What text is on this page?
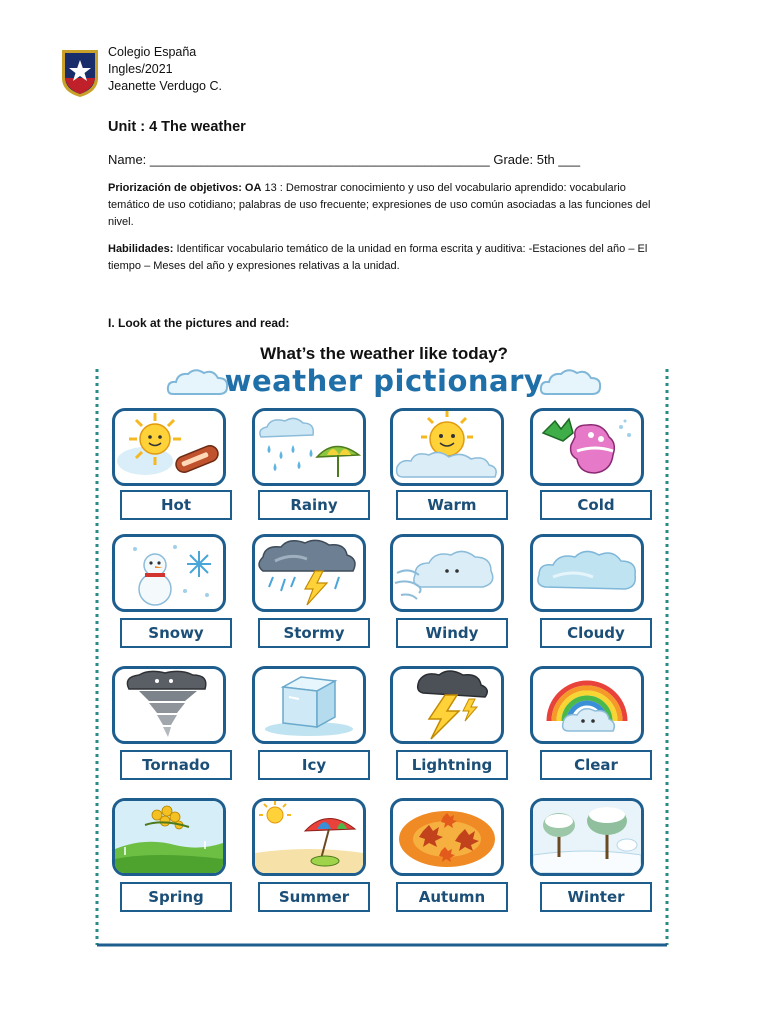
Colegio España
Ingles/2021
Jeanette Verdugo C.
Unit : 4 The weather
Name: _______________________________________________ Grade: 5th ___
Priorización de objetivos: OA 13 : Demostrar conocimiento y uso del vocabulario aprendido: vocabulario temático de uso cotidiano; palabras de uso frecuente; expresiones de uso común asociadas a las funciones del nivel.
Habilidades: Identificar vocabulario temático de la unidad en forma escrita y auditiva: -Estaciones del año – El tiempo – Meses del año y expresiones relativas a la unidad.
I. Look at the pictures and read:
What’s the weather like today?
weather pictionary
Hot	Rainy	Warm	Cold
Snowy	Stormy	Windy	Cloudy
Tornado	Icy	Lightning	Clear
Spring	Summer	Autumn	Winter
